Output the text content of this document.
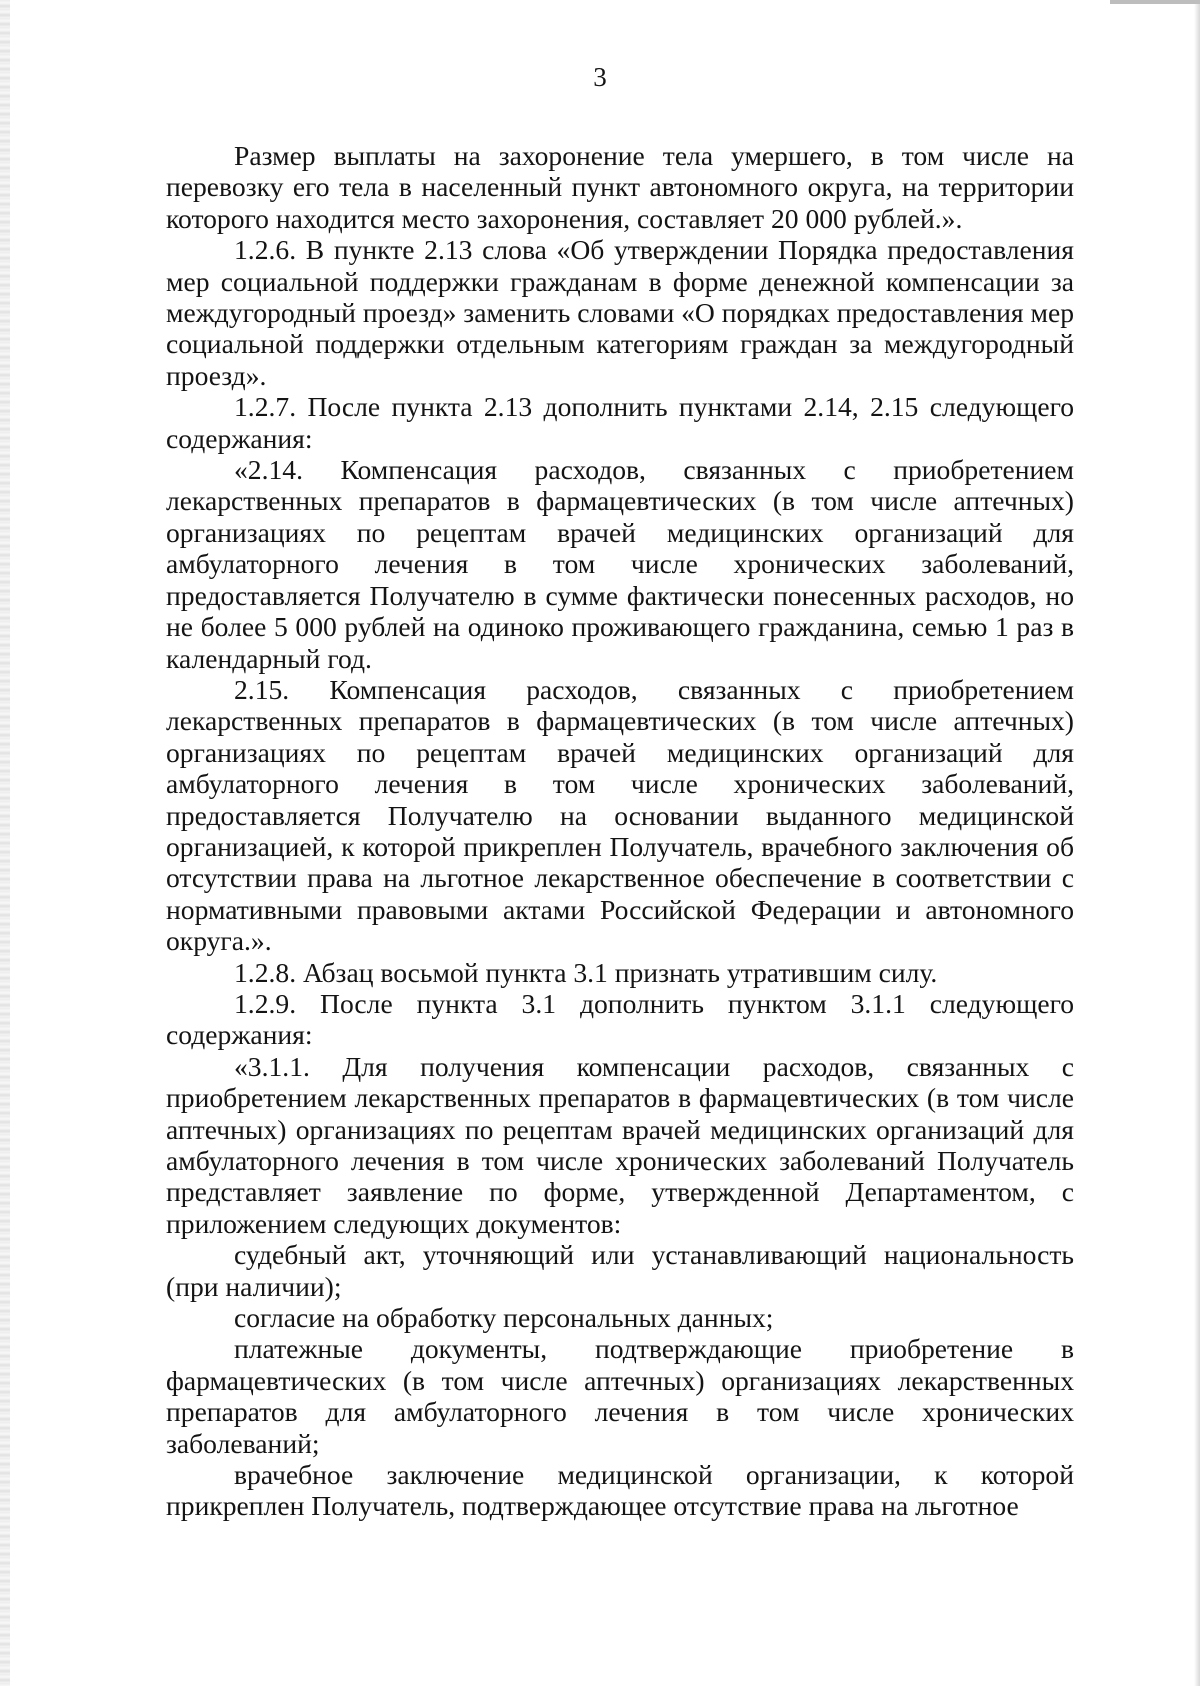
3

Размер выплаты на захоронение тела умершего, в том числе на перевозку его тела в населенный пункт автономного округа, на территории которого находится место захоронения, составляет 20 000 рублей.».

1.2.6. В пункте 2.13 слова «Об утверждении Порядка предоставления мер социальной поддержки гражданам в форме денежной компенсации за междугородный проезд» заменить словами «О порядках предоставления мер социальной поддержки отдельным категориям граждан за междугородный проезд».

1.2.7. После пункта 2.13 дополнить пунктами 2.14, 2.15 следующего содержания:

«2.14. Компенсация расходов, связанных с приобретением лекарственных препаратов в фармацевтических (в том числе аптечных) организациях по рецептам врачей медицинских организаций для амбулаторного лечения в том числе хронических заболеваний, предоставляется Получателю в сумме фактически понесенных расходов, но не более 5 000 рублей на одиноко проживающего гражданина, семью 1 раз в календарный год.

2.15. Компенсация расходов, связанных с приобретением лекарственных препаратов в фармацевтических (в том числе аптечных) организациях по рецептам врачей медицинских организаций для амбулаторного лечения в том числе хронических заболеваний, предоставляется Получателю на основании выданного медицинской организацией, к которой прикреплен Получатель, врачебного заключения об отсутствии права на льготное лекарственное обеспечение в соответствии с нормативными правовыми актами Российской Федерации и автономного округа.».

1.2.8. Абзац восьмой пункта 3.1 признать утратившим силу.

1.2.9. После пункта 3.1 дополнить пунктом 3.1.1 следующего содержания:

«3.1.1. Для получения компенсации расходов, связанных с приобретением лекарственных препаратов в фармацевтических (в том числе аптечных) организациях по рецептам врачей медицинских организаций для амбулаторного лечения в том числе хронических заболеваний Получатель представляет заявление по форме, утвержденной Департаментом, с приложением следующих документов:

судебный акт, уточняющий или устанавливающий национальность (при наличии);

согласие на обработку персональных данных;

платежные документы, подтверждающие приобретение в фармацевтических (в том числе аптечных) организациях лекарственных препаратов для амбулаторного лечения в том числе хронических заболеваний;

врачебное заключение медицинской организации, к которой прикреплен Получатель, подтверждающее отсутствие права на льготное
